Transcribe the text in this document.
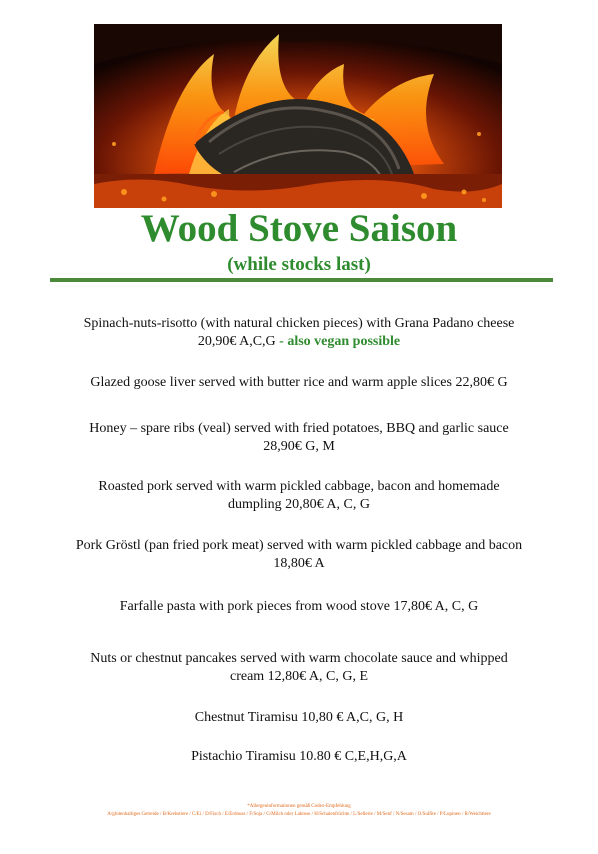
Wood Stove Saison
(while stocks last)
Spinach-nuts-risotto (with natural chicken pieces) with Grana Padano cheese
20,90€ A,C,G - also vegan possible
Glazed goose liver served with butter rice and warm apple slices 22,80€ G
Honey – spare ribs (veal) served with fried potatoes, BBQ and garlic sauce
28,90€ G, M
Roasted pork served with warm pickled cabbage, bacon and homemade
dumpling 20,80€ A, C, G
Pork Gröstl (pan fried pork meat) served with warm pickled cabbage and bacon
18,80€ A
Farfalle pasta with pork pieces from wood stove 17,80€ A, C, G
Nuts or chestnut pancakes served with warm chocolate sauce and whipped
cream 12,80€ A, C, G, E
Chestnut Tiramisu 10,80 € A,C, G, H
Pistachio Tiramisu 10.80 € C,E,H,G,A
*Allergeninformationen gemäß Codex-Empfehlung
A/glutenhaltiges Getreide / B/Krebstiere / C/Ei / D/Fisch / E/Erdnuss / F/Soja / G/Milch oder Laktose / H/Schalenfrüchte / L/Sellerie / M/Senf / N/Sesam / O/Sulfite / P/Lupinen / R/Weichtiere
